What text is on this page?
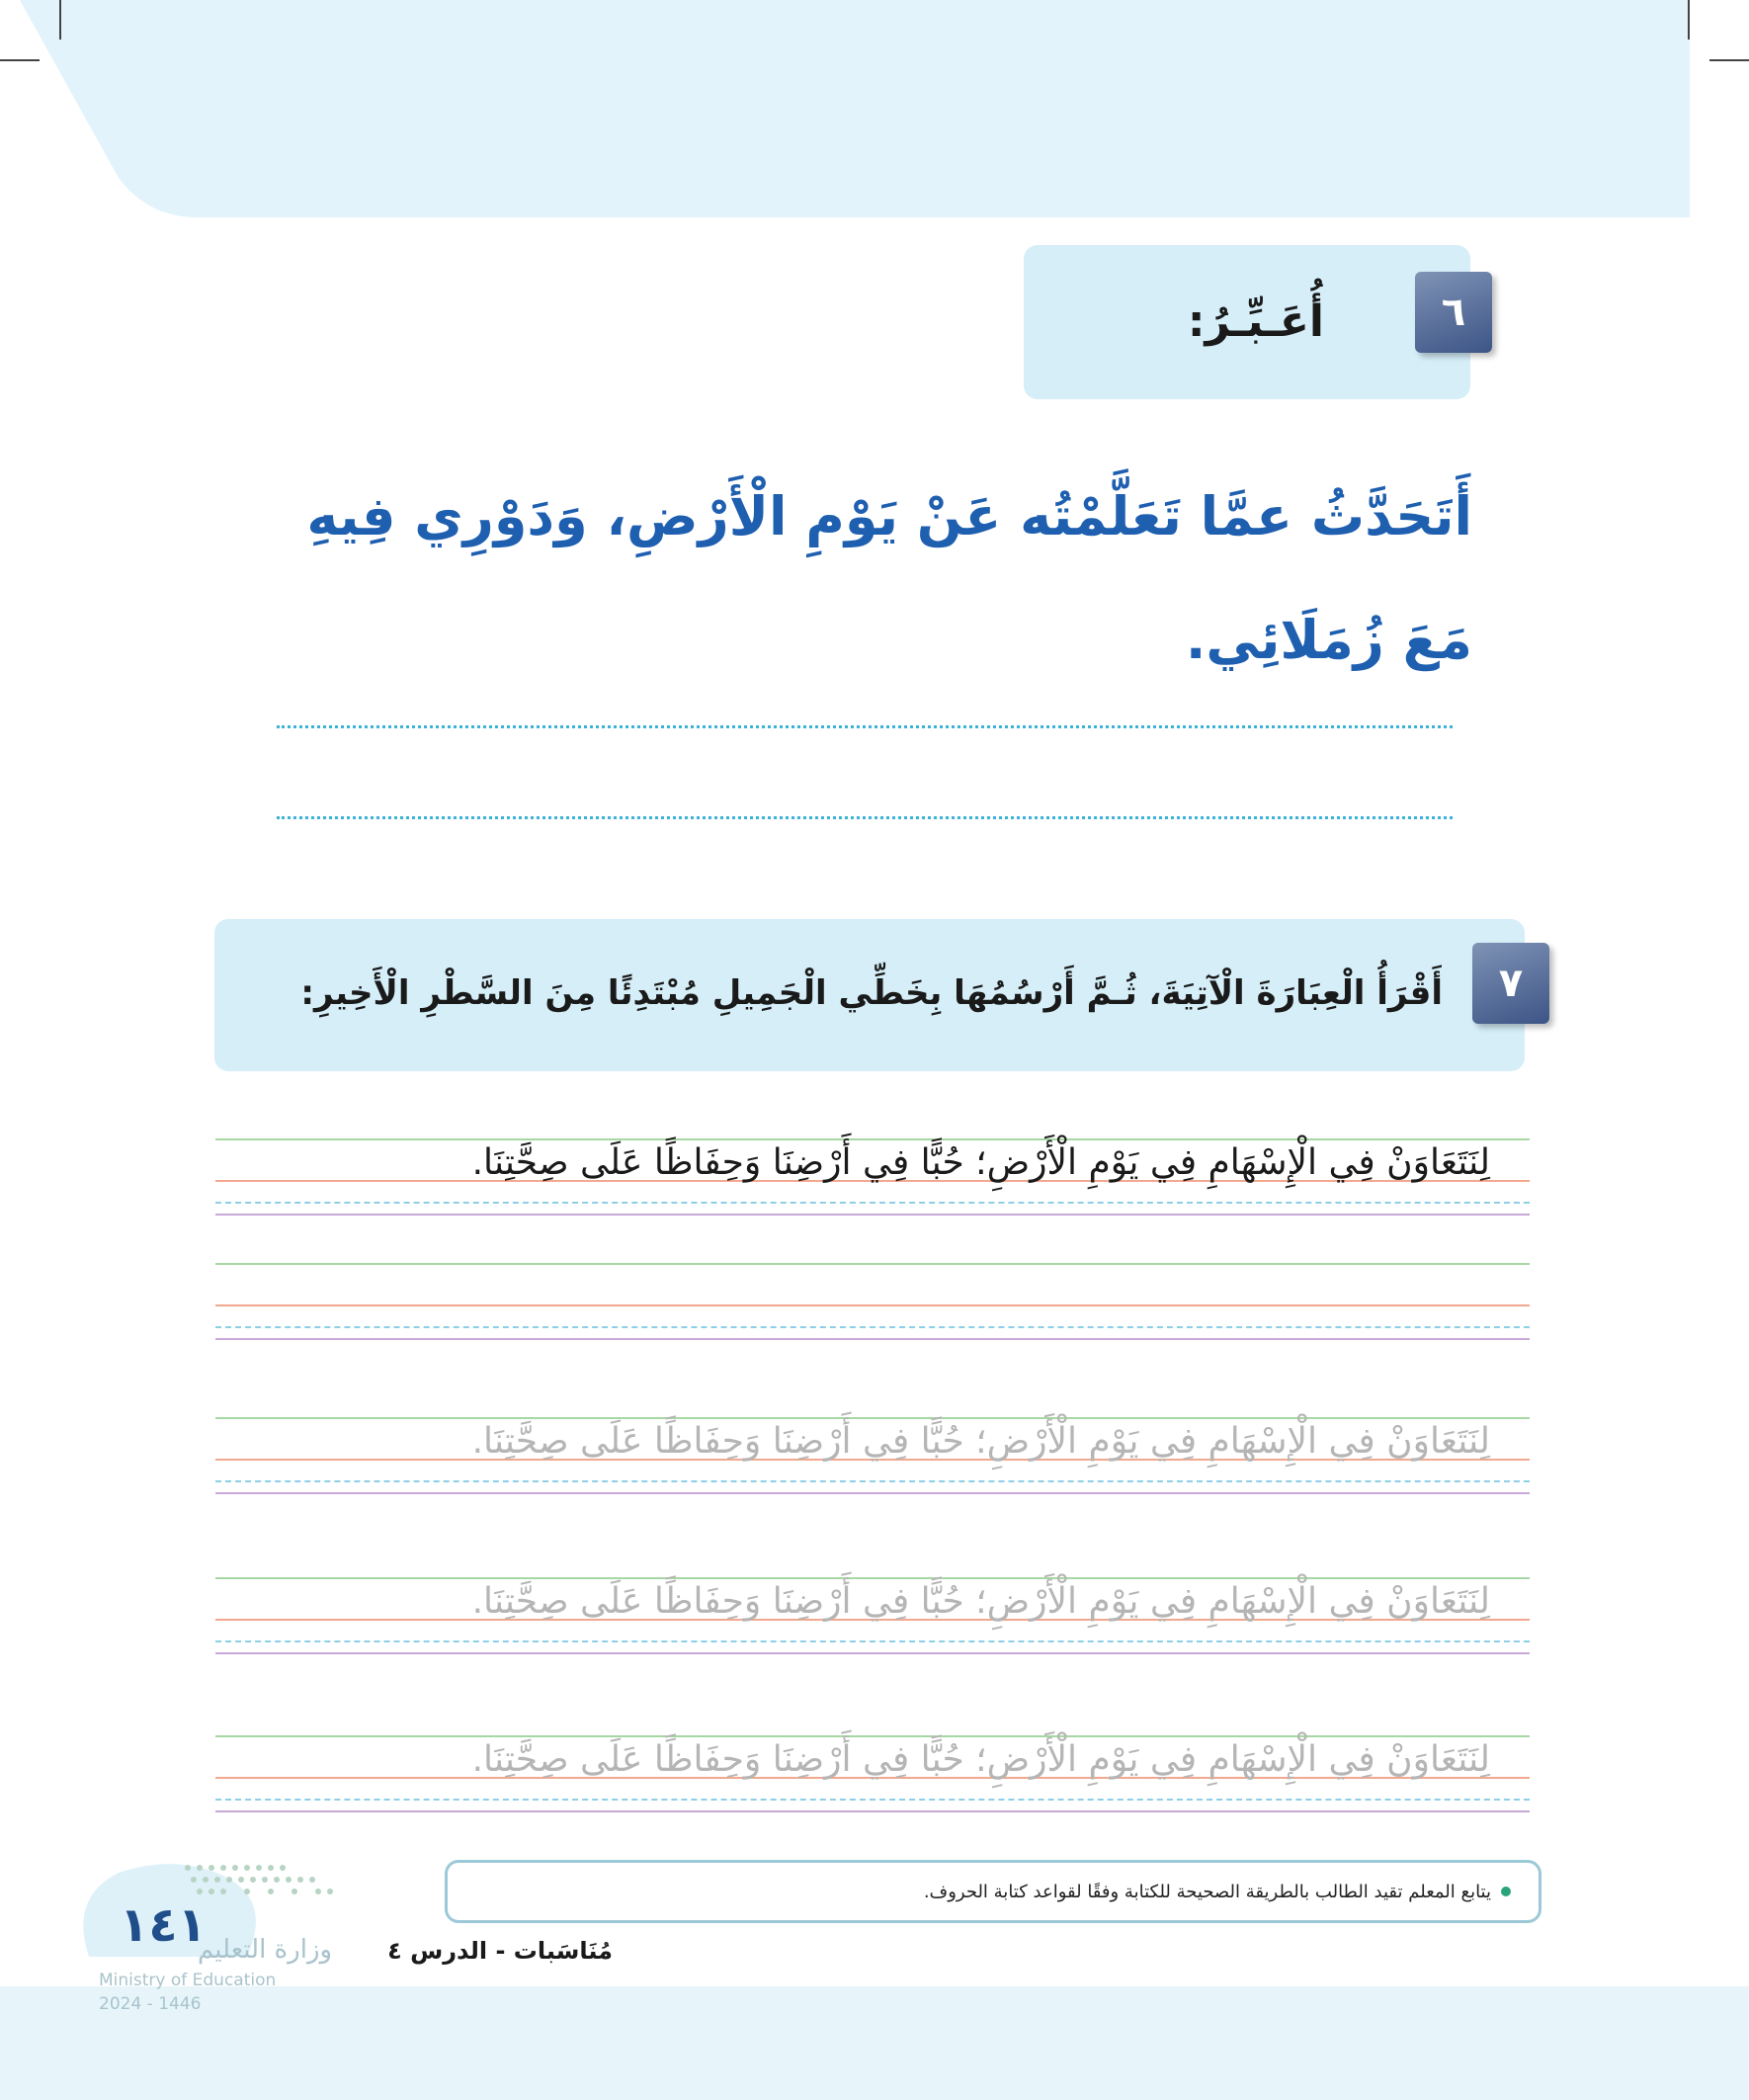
٦
أُعَـبِّـرُ:
أَتَحَدَّثُ عمَّا تَعَلَّمْتُه عَنْ يَوْمِ الْأَرْضِ، وَدَوْرِي فِيهِ مَعَ زُمَلَائِي.
٧
أَقْرَأُ الْعِبَارَةَ الْآتِيَةَ، ثُـمَّ أَرْسُمُهَا بِخَطِّي الْجَمِيلِ مُبْتَدِئًا مِنَ السَّطْرِ الْأَخِيرِ:
لِنَتَعَاوَنْ فِي الْإِسْهَامِ فِي يَوْمِ الْأَرْضِ؛ حُبًّا فِي أَرْضِنَا وَحِفَاظًا عَلَى صِحَّتِنَا.
لِنَتَعَاوَنْ فِي الْإِسْهَامِ فِي يَوْمِ الْأَرْضِ؛ حُبًّا فِي أَرْضِنَا وَحِفَاظًا عَلَى صِحَّتِنَا.
لِنَتَعَاوَنْ فِي الْإِسْهَامِ فِي يَوْمِ الْأَرْضِ؛ حُبًّا فِي أَرْضِنَا وَحِفَاظًا عَلَى صِحَّتِنَا.
لِنَتَعَاوَنْ فِي الْإِسْهَامِ فِي يَوْمِ الْأَرْضِ؛ حُبًّا فِي أَرْضِنَا وَحِفَاظًا عَلَى صِحَّتِنَا.
يتابع المعلم تقيد الطالب بالطريقة الصحيحة للكتابة وفقًا لقواعد كتابة الحروف.
١٤١
وزارة التعليم
Ministry of Education
2024 - 1446
مُنَاسَبات - الدرس ٤
